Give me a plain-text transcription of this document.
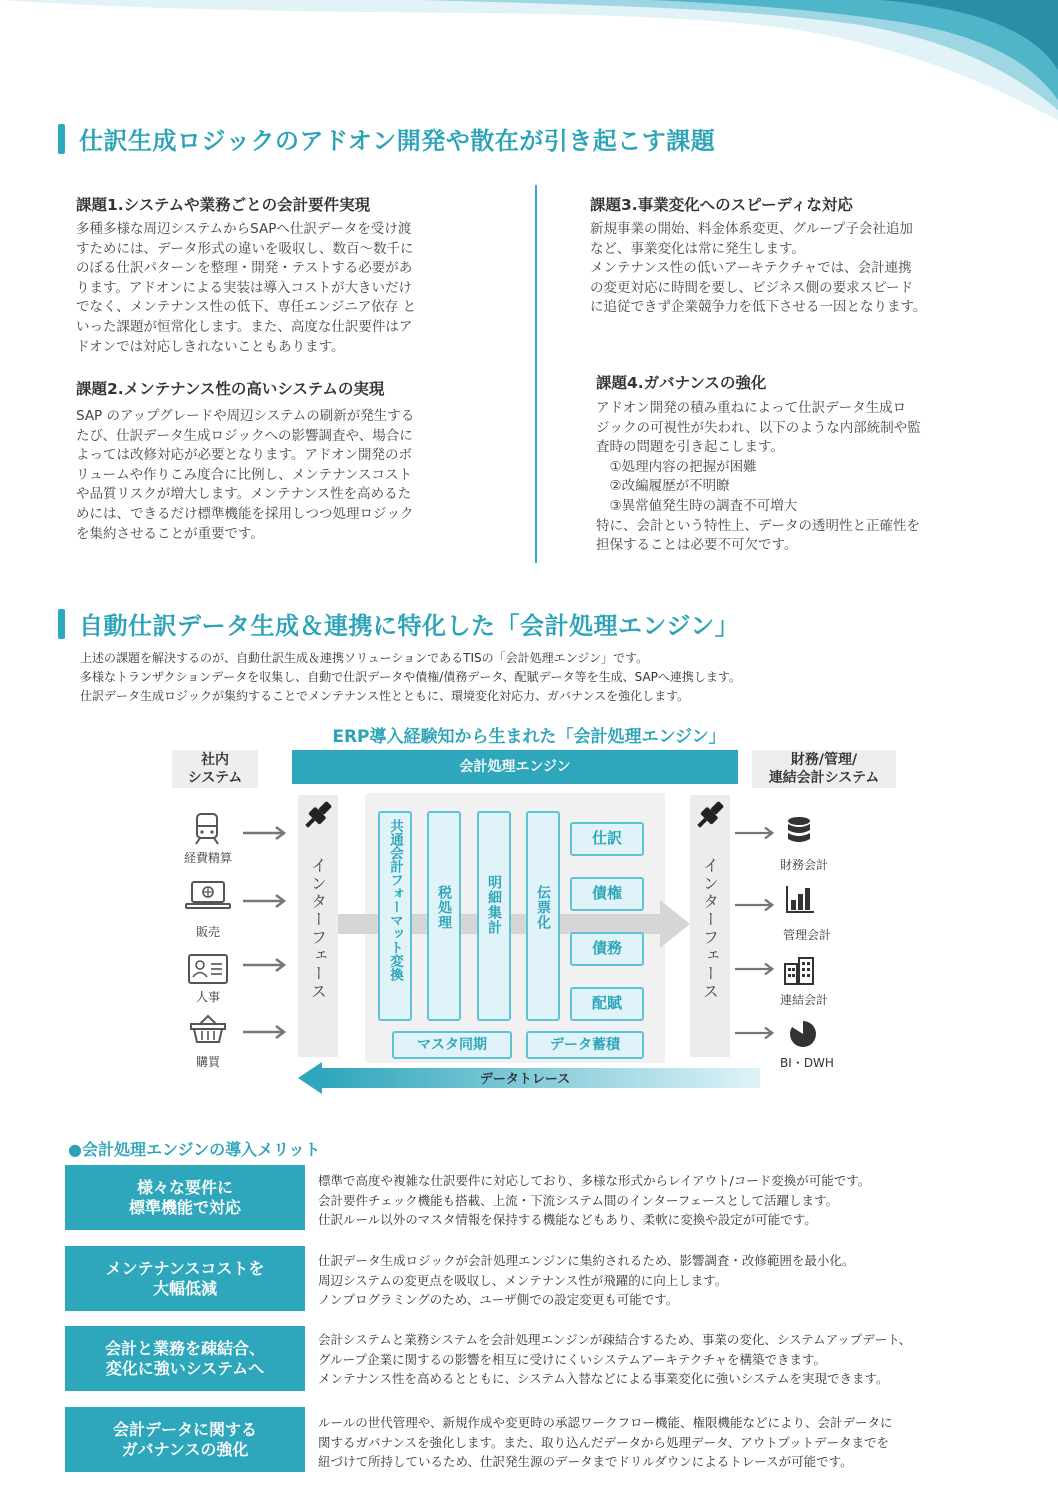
仕訳生成ロジックのアドオン開発や散在が引き起こす課題
課題1.システムや業務ごとの会計要件実現
多種多様な周辺システムからSAPへ仕訳データを受け渡
すためには、データ形式の違いを吸収し、数百〜数千に
のぼる仕訳パターンを整理・開発・テストする必要があ
ります。アドオンによる実装は導入コストが大きいだけ
でなく、メンテナンス性の低下、専任エンジニア依存 と
いった課題が恒常化します。また、高度な仕訳要件はア
ドオンでは対応しきれないこともあります。
課題2.メンテナンス性の高いシステムの実現
SAP のアップグレードや周辺システムの刷新が発生する
たび、仕訳データ生成ロジックへの影響調査や、場合に
よっては改修対応が必要となります。アドオン開発のボ
リュームや作りこみ度合に比例し、メンテナンスコスト
や品質リスクが増大します。メンテナンス性を高めるた
めには、できるだけ標準機能を採用しつつ処理ロジック
を集約させることが重要です。
課題3.事業変化へのスピーディな対応
新規事業の開始、料金体系変更、グループ子会社追加
など、事業変化は常に発生します。
メンテナンス性の低いアーキテクチャでは、会計連携
の変更対応に時間を要し、ビジネス側の要求スピード
に追従できず企業競争力を低下させる一因となります。
課題4.ガバナンスの強化
アドオン開発の積み重ねによって仕訳データ生成ロ
ジックの可視性が失われ、以下のような内部統制や監
査時の問題を引き起こします。
　①処理内容の把握が困難
　②改編履歴が不明瞭
　③異常値発生時の調査不可増大
特に、会計という特性上、データの透明性と正確性を
担保することは必要不可欠です。
自動仕訳データ生成＆連携に特化した「会計処理エンジン」
上述の課題を解決するのが、自動仕訳生成＆連携ソリューションであるTISの「会計処理エンジン」です。
多様なトランザクションデータを収集し、自動で仕訳データや債権/債務データ、配賦データ等を生成、SAPへ連携します。
仕訳データ生成ロジックが集約することでメンテナンス性とともに、環境変化対応力、ガバナンスを強化します。
ERP導入経験知から生まれた「会計処理エンジン」
社内
システム
財務/管理/
連結会計システム
会計処理エンジン
インターフェース	インターフェース
共通会計フォーマット変換 税処理 明細集計 伝票化
仕訳
債権
債務
配賦
マスタ同期	データ蓄積
データトレース
経費精算
販売
人事
購買
財務会計
管理会計
連結会計
BI・DWH
●会計処理エンジンの導入メリット
様々な要件に
標準機能で対応
標準で高度や複雑な仕訳要件に対応しており、多様な形式からレイアウト/コード変換が可能です。
会計要件チェック機能も搭載、上流・下流システム間のインターフェースとして活躍します。
仕訳ルール以外のマスタ情報を保持する機能などもあり、柔軟に変換や設定が可能です。
メンテナンスコストを
大幅低減
仕訳データ生成ロジックが会計処理エンジンに集約されるため、影響調査・改修範囲を最小化。
周辺システムの変更点を吸収し、メンテナンス性が飛躍的に向上します。
ノンプログラミングのため、ユーザ側での設定変更も可能です。
会計と業務を疎結合、
変化に強いシステムへ
会計システムと業務システムを会計処理エンジンが疎結合するため、事業の変化、システムアップデート、
グループ企業に関するの影響を相互に受けにくいシステムアーキテクチャを構築できます。
メンテナンス性を高めるとともに、システム入替などによる事業変化に強いシステムを実現できます。
会計データに関する
ガバナンスの強化
ルールの世代管理や、新規作成や変更時の承認ワークフロー機能、権限機能などにより、会計データに
関するガバナンスを強化します。また、取り込んだデータから処理データ、アウトプットデータまでを
紐づけて所持しているため、仕訳発生源のデータまでドリルダウンによるトレースが可能です。
